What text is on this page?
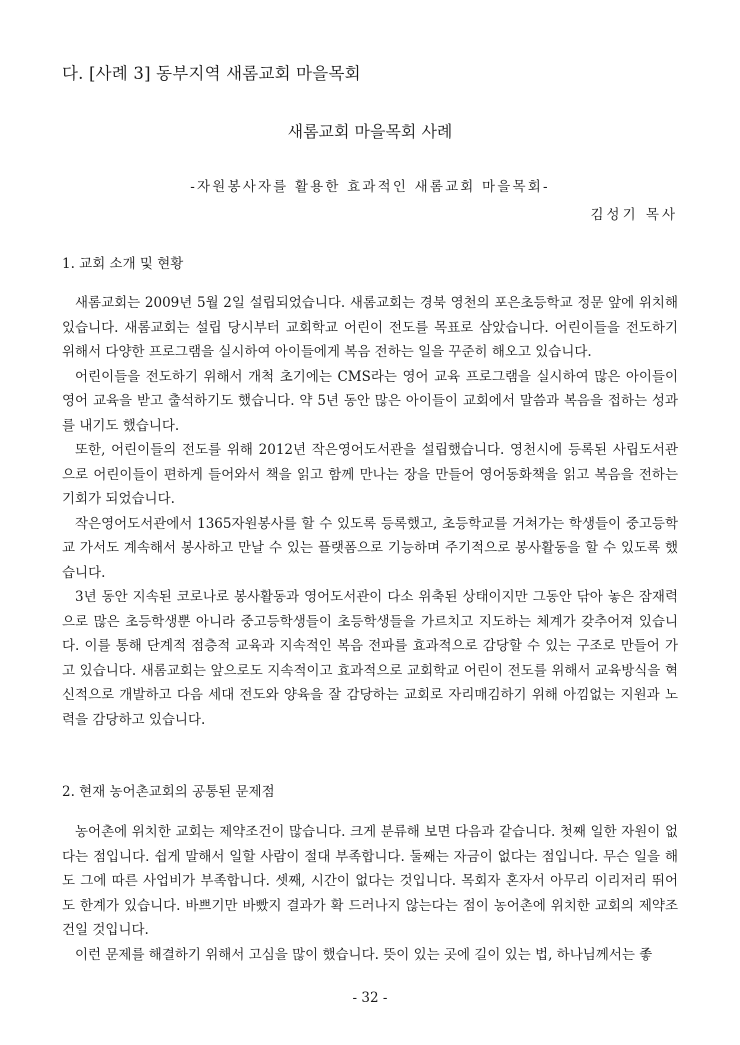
다. [사례 3] 동부지역 새롬교회 마을목회
새롬교회 마을목회 사례

-자원봉사자를 활용한 효과적인 새롬교회 마을목회-

김성기 목사

1. 교회 소개 및 현황

새롬교회는 2009년 5월 2일 설립되었습니다. 새롬교회는 경북 영천의 포은초등학교 정문 앞에 위치해 있습니다. 새롬교회는 설립 당시부터 교회학교 어린이 전도를 목표로 삼았습니다. 어린이들을 전도하기 위해서 다양한 프로그램을 실시하여 아이들에게 복음 전하는 일을 꾸준히 해오고 있습니다.

어린이들을 전도하기 위해서 개척 초기에는 CMS라는 영어 교육 프로그램을 실시하여 많은 아이들이 영어 교육을 받고 출석하기도 했습니다. 약 5년 동안 많은 아이들이 교회에서 말씀과 복음을 접하는 성과를 내기도 했습니다.

또한, 어린이들의 전도를 위해 2012년 작은영어도서관을 설립했습니다. 영천시에 등록된 사립도서관으로 어린이들이 편하게 들어와서 책을 읽고 함께 만나는 장을 만들어 영어동화책을 읽고 복음을 전하는 기회가 되었습니다.

작은영어도서관에서 1365자원봉사를 할 수 있도록 등록했고, 초등학교를 거쳐가는 학생들이 중고등학교 가서도 계속해서 봉사하고 만날 수 있는 플랫폼으로 기능하며 주기적으로 봉사활동을 할 수 있도록 했습니다.

3년 동안 지속된 코로나로 봉사활동과 영어도서관이 다소 위축된 상태이지만 그동안 닦아 놓은 잠재력으로 많은 초등학생뿐 아니라 중고등학생들이 초등학생들을 가르치고 지도하는 체계가 갖추어져 있습니다. 이를 통해 단계적 점층적 교육과 지속적인 복음 전파를 효과적으로 감당할 수 있는 구조로 만들어 가고 있습니다. 새롬교회는 앞으로도 지속적이고 효과적으로 교회학교 어린이 전도를 위해서 교육방식을 혁신적으로 개발하고 다음 세대 전도와 양육을 잘 감당하는 교회로 자리매김하기 위해 아낌없는 지원과 노력을 감당하고 있습니다.

2. 현재 농어촌교회의 공통된 문제점

농어촌에 위치한 교회는 제약조건이 많습니다. 크게 분류해 보면 다음과 같습니다. 첫째 일한 자원이 없다는 점입니다. 쉽게 말해서 일할 사람이 절대 부족합니다. 둘째는 자금이 없다는 점입니다. 무슨 일을 해도 그에 따른 사업비가 부족합니다. 셋째, 시간이 없다는 것입니다. 목회자 혼자서 아무리 이리저리 뛰어도 한계가 있습니다. 바쁘기만 바빴지 결과가 확 드러나지 않는다는 점이 농어촌에 위치한 교회의 제약조건일 것입니다.

이런 문제를 해결하기 위해서 고심을 많이 했습니다. 뜻이 있는 곳에 길이 있는 법, 하나님께서는 좋

- 32 -
